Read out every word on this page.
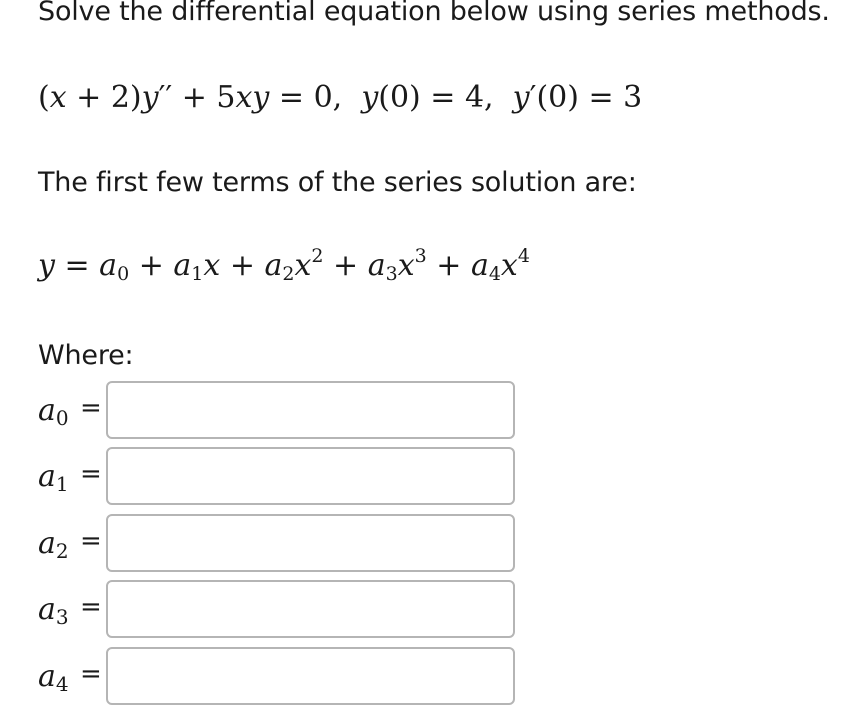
Solve the differential equation below using series methods.
(x + 2)y′′ + 5xy = 0, y(0) = 4, y′(0) = 3
The first few terms of the series solution are:
$y = a_0 + a_1x + a_2x^2 + a_3x^3 + a_4x^4$
Where:
$a_0$ =
$a_1$ =
$a_2$ =
$a_3$ =
$a_4$ =
